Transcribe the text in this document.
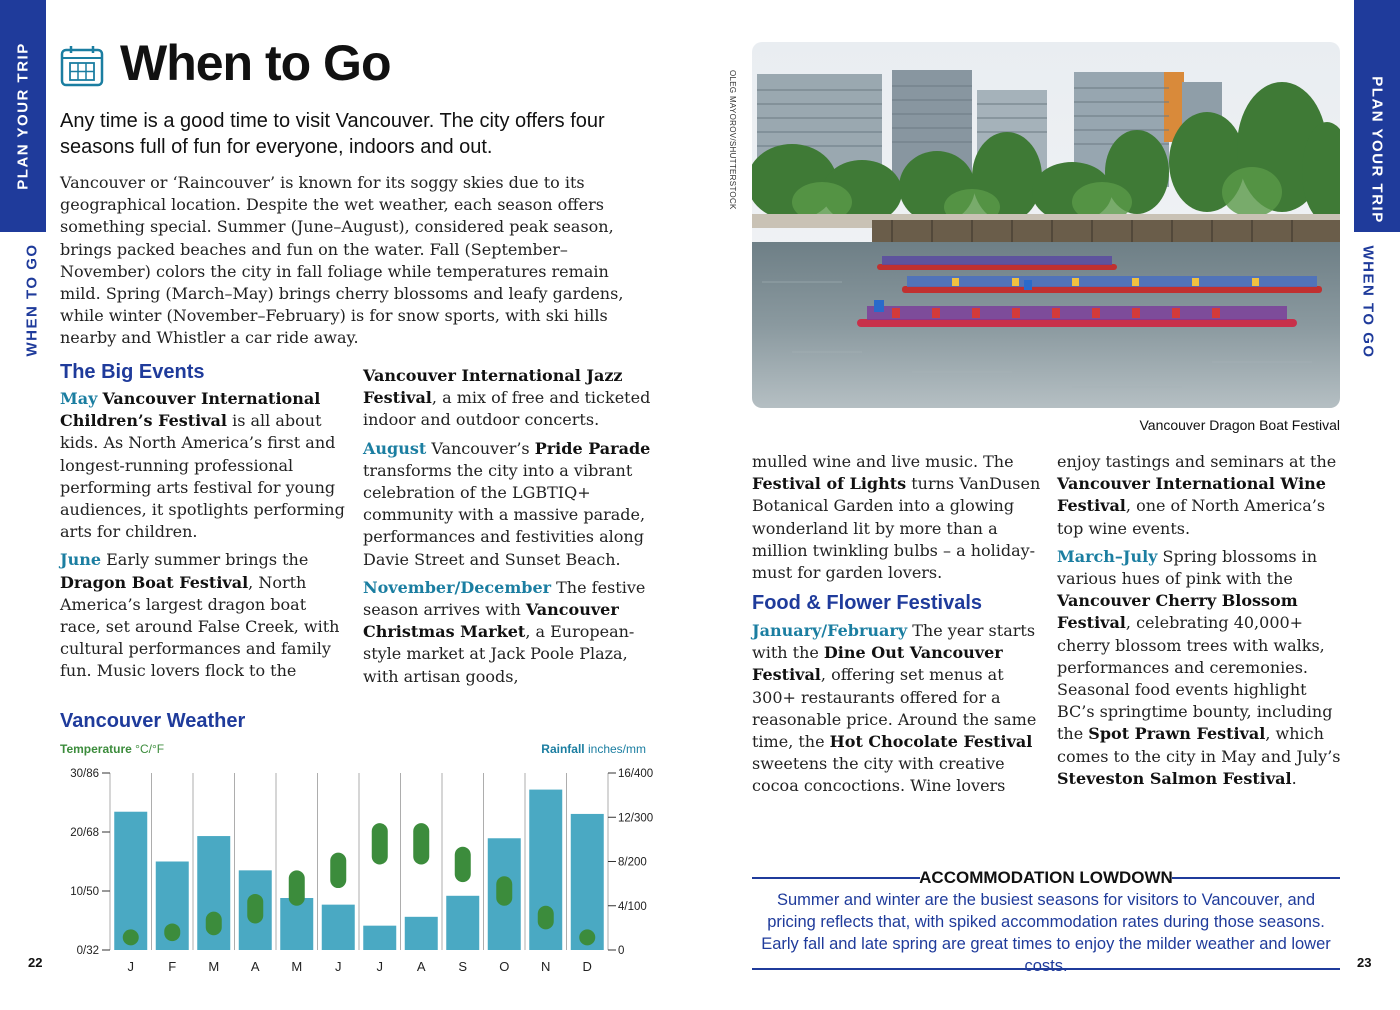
PLAN YOUR TRIP
WHEN TO GO
22
PLAN YOUR TRIP
WHEN TO GO
23
When to Go
Any time is a good time to visit Vancouver. The city offers four seasons full of fun for everyone, indoors and out.
Vancouver or ‘Raincouver’ is known for its soggy skies due to its geographical location. Despite the wet weather, each season offers something special. Summer (June–August), considered peak season, brings packed beaches and fun on the water. Fall (September–November) colors the city in fall foliage while temperatures remain mild. Spring (March–May) brings cherry blossoms and leafy gardens, while winter (November–February) is for snow sports, with ski hills nearby and Whistler a car ride away.
The Big Events

May Vancouver International Children’s Festival is all about kids. As North America’s first and longest-running professional performing arts festival for young audiences, it spotlights performing arts for children.

June Early summer brings the Dragon Boat Festival, North America’s largest dragon boat race, set around False Creek, with cultural performances and family fun. Music lovers flock to the

Vancouver International Jazz Festival, a mix of free and ticketed indoor and outdoor concerts.

August Vancouver’s Pride Parade transforms the city into a vibrant celebration of the LGBTIQ+ community with a massive parade, performances and festivities along Davie Street and Sunset Beach.

November/December The festive season arrives with Vancouver Christmas Market, a European-style market at Jack Poole Plaza, with artisan goods,

Vancouver Weather
Temperature °C/°F	Rainfall inches/mm
0/32
10/50
20/68
30/86
0
4/100
8/200
12/300
16/400
J	F M A M	J	J	A	S O N D
OLEG MAYOROV/SHUTTERSTOCK
Vancouver Dragon Boat Festival

mulled wine and live music. The Festival of Lights turns VanDusen Botanical Garden into a glowing wonderland lit by more than a million twinkling bulbs – a holiday-must for garden lovers.

Food & Flower Festivals

January/February The year starts with the Dine Out Vancouver Festival, offering set menus at 300+ restaurants offered for a reasonable price. Around the same time, the Hot Chocolate Festival sweetens the city with creative cocoa concoctions. Wine lovers

enjoy tastings and seminars at the Vancouver International Wine Festival, one of North America’s top wine events.

March–July Spring blossoms in various hues of pink with the Vancouver Cherry Blossom Festival, celebrating 40,000+ cherry blossom trees with walks, performances and ceremonies. Seasonal food events highlight BC’s springtime bounty, including the Spot Prawn Festival, which comes to the city in May and July’s Steveston Salmon Festival.

ACCOMMODATION LOWDOWN
Summer and winter are the busiest seasons for visitors to Vancouver, and pricing reflects that, with spiked accommodation rates during those seasons. Early fall and late spring are great times to enjoy the milder weather and lower costs.
